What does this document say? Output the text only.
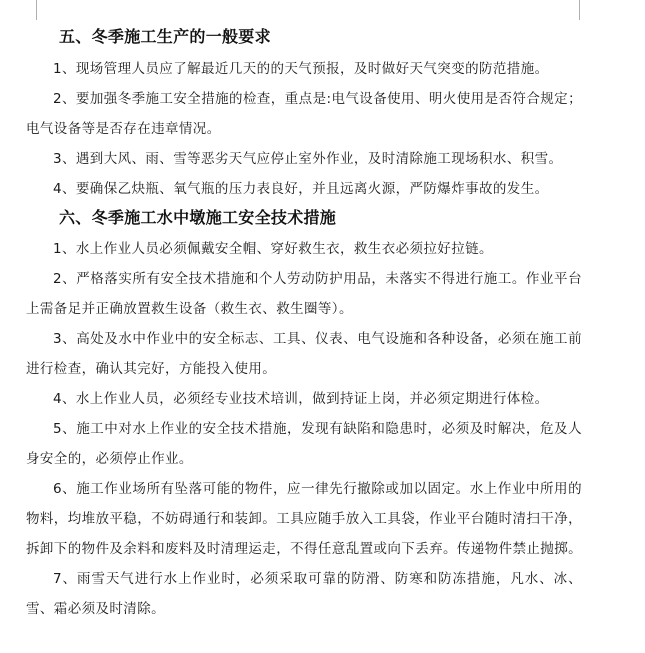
五、冬季施工生产的一般要求

1、现场管理人员应了解最近几天的的天气预报，及时做好天气突变的防范措施。

2、要加强冬季施工安全措施的检查，重点是:电气设备使用、明火使用是否符合规定；电气设备等是否存在违章情况。

3、遇到大风、雨、雪等恶劣天气应停止室外作业，及时清除施工现场积水、积雪。

4、要确保乙炔瓶、氧气瓶的压力表良好，并且远离火源，严防爆炸事故的发生。

六、冬季施工水中墩施工安全技术措施

1、水上作业人员必须佩戴安全帽、穿好救生衣，救生衣必须拉好拉链。

2、严格落实所有安全技术措施和个人劳动防护用品，未落实不得进行施工。作业平台上需备足并正确放置救生设备（救生衣、救生圈等）。

3、高处及水中作业中的安全标志、工具、仪表、电气设施和各种设备，必须在施工前进行检查，确认其完好，方能投入使用。

4、水上作业人员，必须经专业技术培训，做到持证上岗，并必须定期进行体检。

5、施工中对水上作业的安全技术措施，发现有缺陷和隐患时，必须及时解决，危及人身安全的，必须停止作业。

6、施工作业场所有坠落可能的物件，应一律先行撤除或加以固定。水上作业中所用的物料，均堆放平稳，不妨碍通行和装卸。工具应随手放入工具袋，作业平台随时清扫干净，拆卸下的物件及余料和废料及时清理运走，不得任意乱置或向下丢弃。传递物件禁止抛掷。

7、雨雪天气进行水上作业时，必须采取可靠的防滑、防寒和防冻措施，凡水、冰、雪、霜必须及时清除。
